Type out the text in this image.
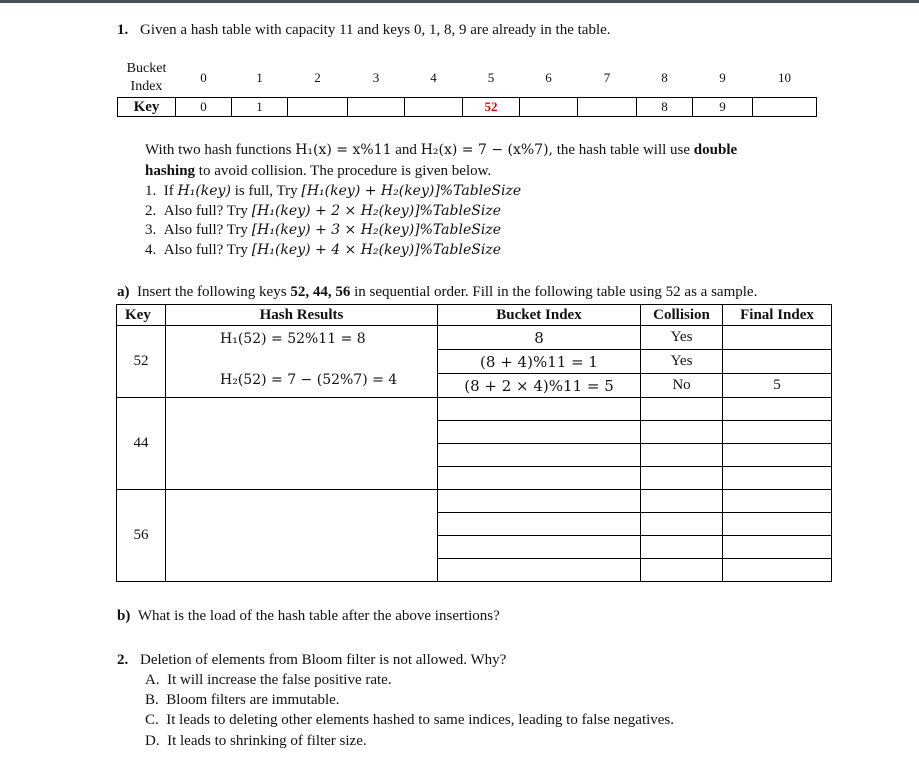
1. Given a hash table with capacity 11 and keys 0, 1, 8, 9 are already in the table.
Bucket
Index	0	1	2	3	4	5	6	7	8	9	10
Key	0	1				52			8	9	
With two hash functions H₁(x) = x%11 and H₂(x) = 7 − (x%7), the hash table will use double
hashing to avoid collision. The procedure is given below.
1. If H₁(key) is full, Try [H₁(key) + H₂(key)]%TableSize
2. Also full? Try [H₁(key) + 2 × H₂(key)]%TableSize
3. Also full? Try [H₁(key) + 3 × H₂(key)]%TableSize
4. Also full? Try [H₁(key) + 4 × H₂(key)]%TableSize
a) Insert the following keys 52, 44, 56 in sequential order. Fill in the following table using 52 as a sample.
Key	Hash Results	Bucket Index	Collision	Final Index
52	H₁(52) = 52%11 = 8
H₂(52) = 7 − (52%7) = 4	8	Yes	
		(8 + 4)%11 = 1	Yes	
		(8 + 2 × 4)%11 = 5	No	5
44				

56				

b) What is the load of the hash table after the above insertions?
2. Deletion of elements from Bloom filter is not allowed. Why?
A. It will increase the false positive rate.
B. Bloom filters are immutable.
C. It leads to deleting other elements hashed to same indices, leading to false negatives.
D. It leads to shrinking of filter size.
